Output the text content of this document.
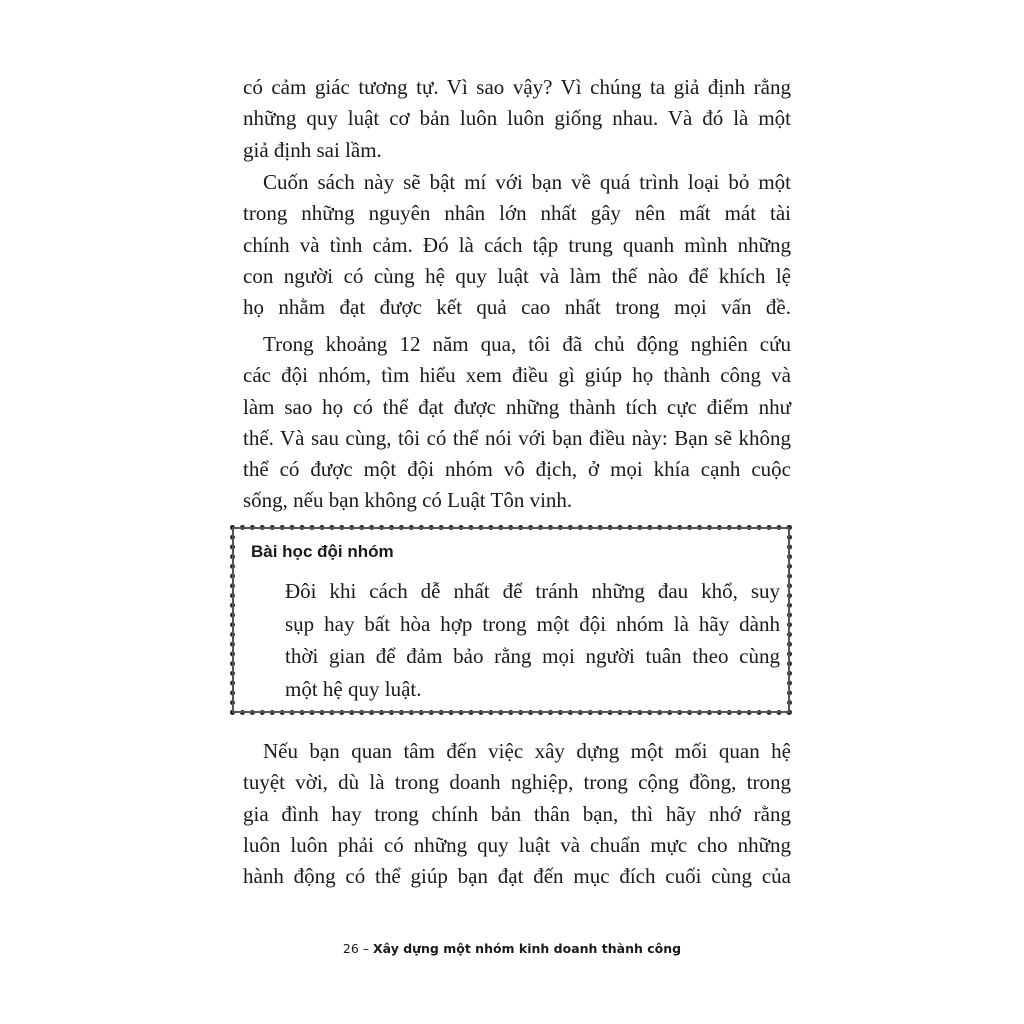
có cảm giác tương tự. Vì sao vậy? Vì chúng ta giả định rằng
những quy luật cơ bản luôn luôn giống nhau. Và đó là một
giả định sai lầm.
Cuốn sách này sẽ bật mí với bạn về quá trình loại bỏ một
trong những nguyên nhân lớn nhất gây nên mất mát tài
chính và tình cảm. Đó là cách tập trung quanh mình những
con người có cùng hệ quy luật và làm thế nào để khích lệ
họ nhằm đạt được kết quả cao nhất trong mọi vấn đề.
Trong khoảng 12 năm qua, tôi đã chủ động nghiên cứu
các đội nhóm, tìm hiểu xem điều gì giúp họ thành công và
làm sao họ có thể đạt được những thành tích cực điểm như
thế. Và sau cùng, tôi có thể nói với bạn điều này: Bạn sẽ không
thể có được một đội nhóm vô địch, ở mọi khía cạnh cuộc
sống, nếu bạn không có Luật Tôn vinh.
Bài học đội nhóm
Đôi khi cách dễ nhất để tránh những đau khổ, suy
sụp hay bất hòa hợp trong một đội nhóm là hãy dành
thời gian để đảm bảo rằng mọi người tuân theo cùng
một hệ quy luật.
Nếu bạn quan tâm đến việc xây dựng một mối quan hệ
tuyệt vời, dù là trong doanh nghiệp, trong cộng đồng, trong
gia đình hay trong chính bản thân bạn, thì hãy nhớ rằng
luôn luôn phải có những quy luật và chuẩn mực cho những
hành động có thể giúp bạn đạt đến mục đích cuối cùng của
26 – Xây dựng một nhóm kinh doanh thành công
